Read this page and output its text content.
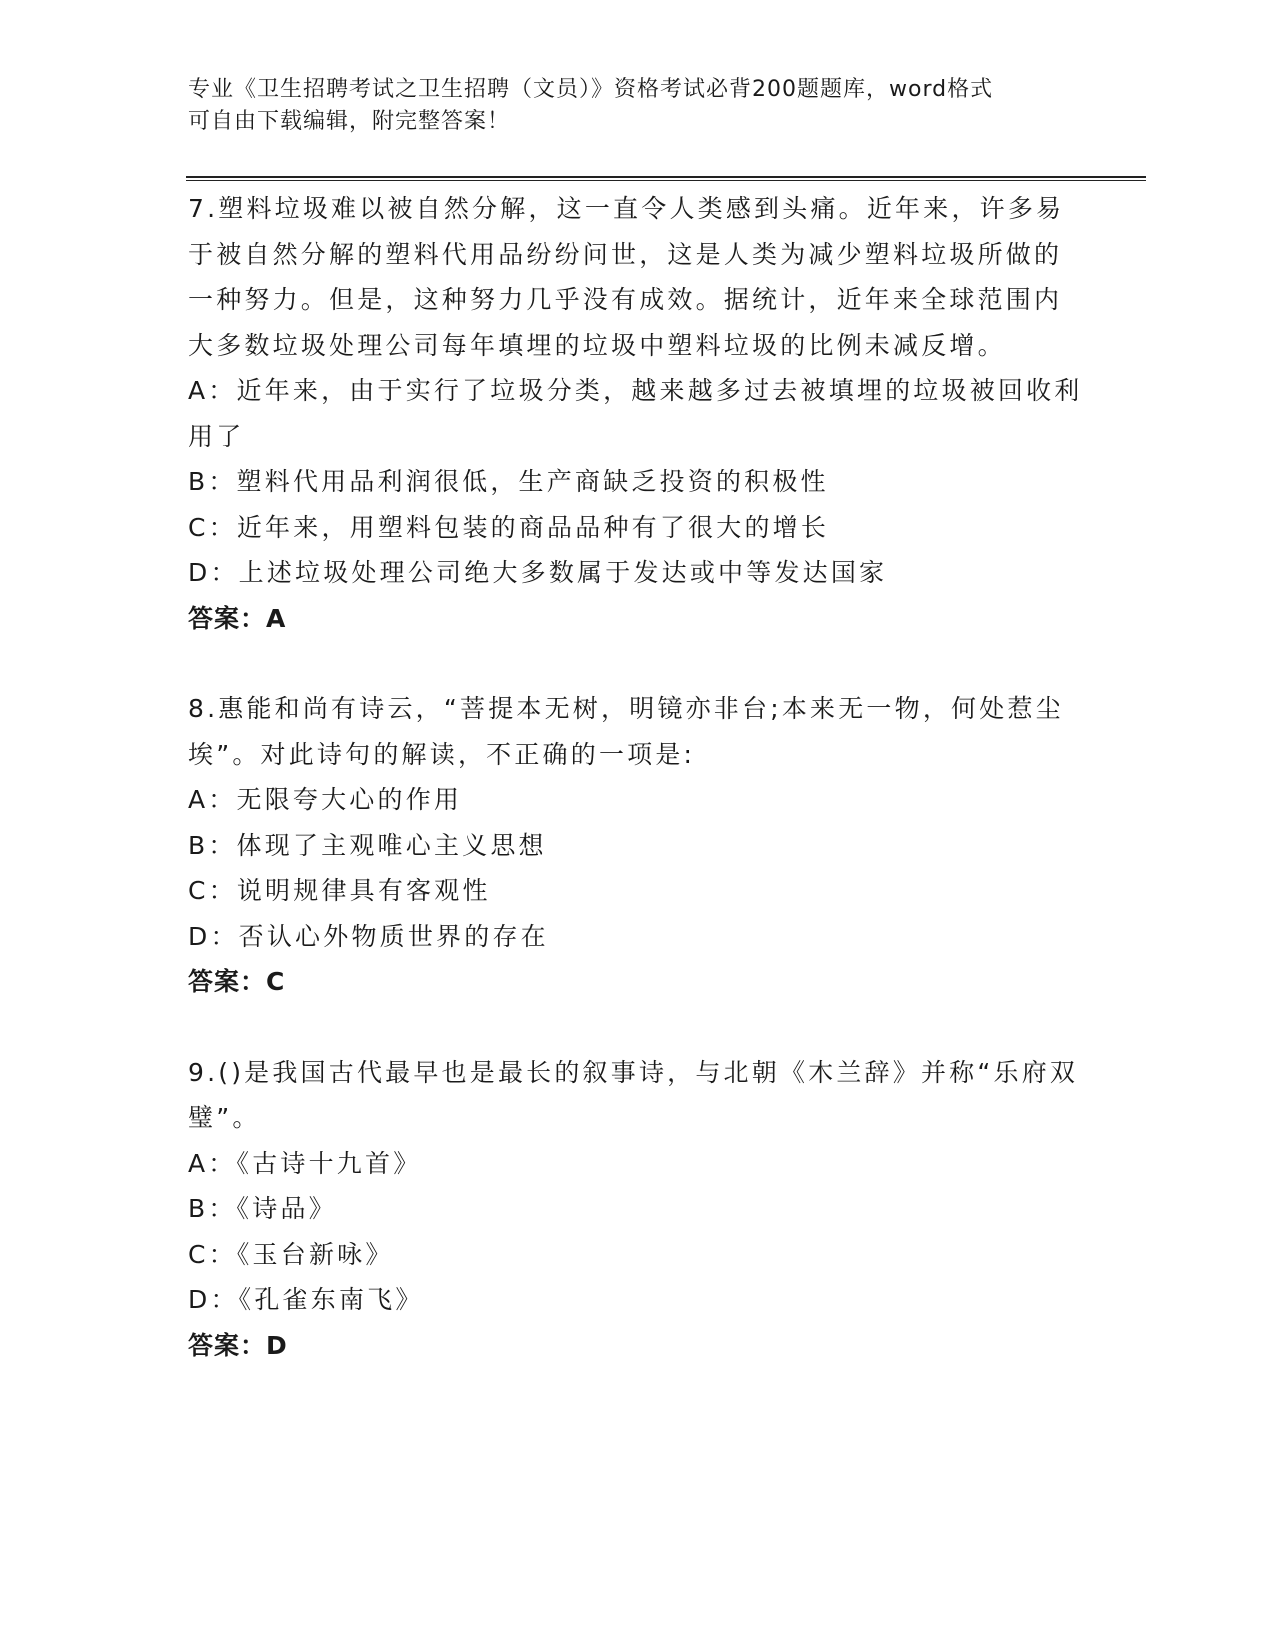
专业《卫生招聘考试之卫生招聘（文员）》资格考试必背200题题库，word格式
可自由下载编辑，附完整答案！

7.塑料垃圾难以被自然分解，这一直令人类感到头痛。近年来，许多易于被自然分解的塑料代用品纷纷问世，这是人类为减少塑料垃圾所做的一种努力。但是，这种努力几乎没有成效。据统计，近年来全球范围内大多数垃圾处理公司每年填埋的垃圾中塑料垃圾的比例未减反增。

A：近年来，由于实行了垃圾分类，越来越多过去被填埋的垃圾被回收利用了

B：塑料代用品利润很低，生产商缺乏投资的积极性

C：近年来，用塑料包装的商品品种有了很大的增长

D：上述垃圾处理公司绝大多数属于发达或中等发达国家

答案：A

8.惠能和尚有诗云，“菩提本无树，明镜亦非台;本来无一物，何处惹尘埃”。对此诗句的解读，不正确的一项是:

A：无限夸大心的作用

B：体现了主观唯心主义思想

C：说明规律具有客观性

D：否认心外物质世界的存在

答案：C

9.()是我国古代最早也是最长的叙事诗，与北朝《木兰辞》并称“乐府双璧”。

A：《古诗十九首》

B：《诗品》

C：《玉台新咏》

D：《孔雀东南飞》

答案：D
